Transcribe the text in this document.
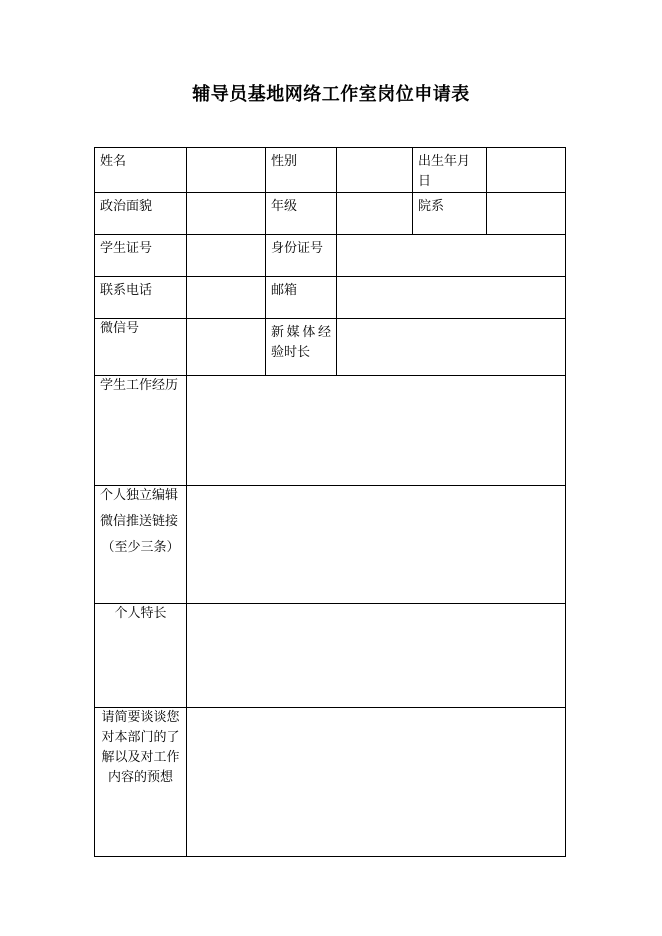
辅导员基地网络工作室岗位申请表
姓名		性别		出生年月日	
政治面貌		年级		院系	
学生证号		身份证号			
联系电话		邮箱			
微信号		新媒体经
验时长			

学生工作经历					

个人独立编辑
微信推送链接
（至少三条）					

个人特长					

请简要谈谈您
对本部门的了
解以及对工作
内容的预想					
